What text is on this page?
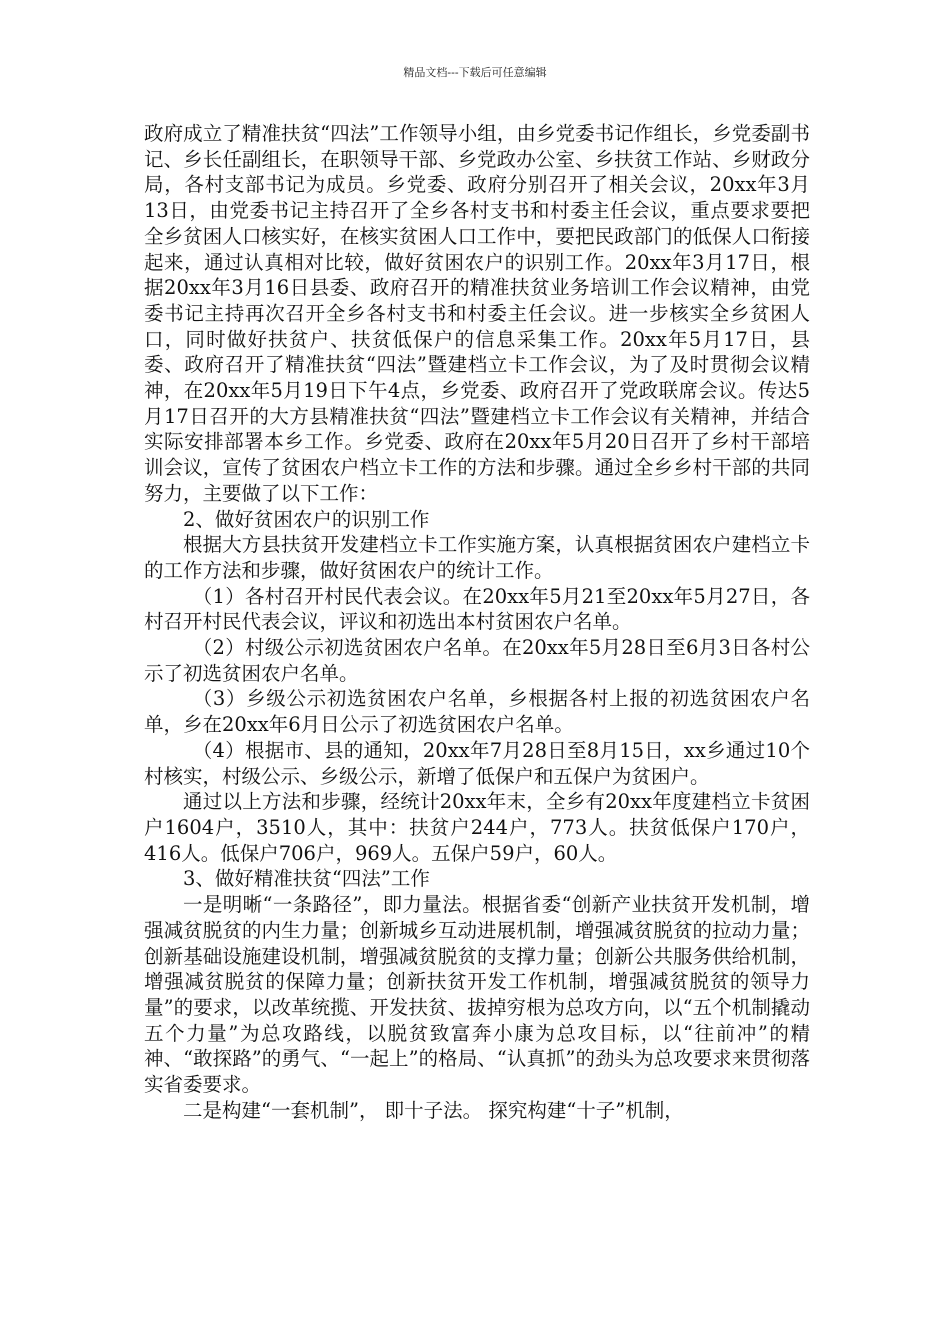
精品文档---下载后可任意编辑

政府成立了精准扶贫“四法”工作领导小组，由乡党委书记作组长，乡党委副书记、乡长任副组长，在职领导干部、乡党政办公室、乡扶贫工作站、乡财政分局，各村支部书记为成员。乡党委、政府分别召开了相关会议，20xx年3月13日，由党委书记主持召开了全乡各村支书和村委主任会议，重点要求要把全乡贫困人口核实好，在核实贫困人口工作中，要把民政部门的低保人口衔接起来，通过认真相对比较，做好贫困农户的识别工作。20xx年3月17日，根据20xx年3月16日县委、政府召开的精准扶贫业务培训工作会议精神，由党委书记主持再次召开全乡各村支书和村委主任会议。进一步核实全乡贫困人口，同时做好扶贫户、扶贫低保户的信息采集工作。20xx年5月17日，县委、政府召开了精准扶贫“四法”暨建档立卡工作会议，为了及时贯彻会议精神，在20xx年5月19日下午4点，乡党委、政府召开了党政联席会议。传达5月17日召开的大方县精准扶贫“四法”暨建档立卡工作会议有关精神，并结合实际安排部署本乡工作。乡党委、政府在20xx年5月20日召开了乡村干部培训会议，宣传了贫困农户档立卡工作的方法和步骤。通过全乡乡村干部的共同努力，主要做了以下工作：

2、做好贫困农户的识别工作

根据大方县扶贫开发建档立卡工作实施方案，认真根据贫困农户建档立卡的工作方法和步骤，做好贫困农户的统计工作。

（1）各村召开村民代表会议。在20xx年5月21至20xx年5月27日，各村召开村民代表会议，评议和初选出本村贫困农户名单。

（2）村级公示初选贫困农户名单。在20xx年5月28日至6月3日各村公示了初选贫困农户名单。

（3）乡级公示初选贫困农户名单，乡根据各村上报的初选贫困农户名单，乡在20xx年6月日公示了初选贫困农户名单。

（4）根据市、县的通知，20xx年7月28日至8月15日，xx乡通过10个村核实，村级公示、乡级公示，新增了低保户和五保户为贫困户。

通过以上方法和步骤，经统计20xx年末，全乡有20xx年度建档立卡贫困户1604户，3510人，其中：扶贫户244户，773人。扶贫低保户170户，416人。低保户706户，969人。五保户59户，60人。

3、做好精准扶贫“四法”工作

一是明晰“一条路径”，即力量法。根据省委“创新产业扶贫开发机制，增强减贫脱贫的内生力量；创新城乡互动进展机制，增强减贫脱贫的拉动力量；创新基础设施建设机制，增强减贫脱贫的支撑力量；创新公共服务供给机制，增强减贫脱贫的保障力量；创新扶贫开发工作机制，增强减贫脱贫的领导力量”的要求，以改革统揽、开发扶贫、拔掉穷根为总攻方向，以“五个机制撬动五个力量”为总攻路线，以脱贫致富奔小康为总攻目标，以“往前冲”的精神、“敢探路”的勇气、“一起上”的格局、“认真抓”的劲头为总攻要求来贯彻落实省委要求。

二是构建“一套机制”， 即十子法。 探究构建“十子”机制，
